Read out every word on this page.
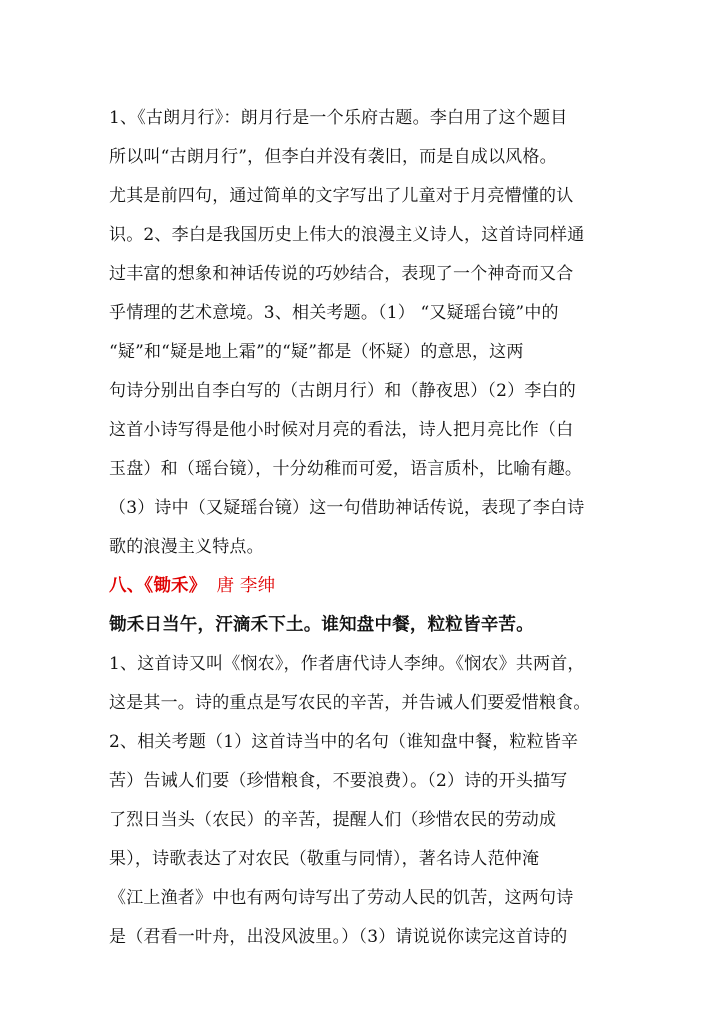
1、《古朗月行》：朗月行是一个乐府古题。李白用了这个题目
所以叫“古朗月行”，但李白并没有袭旧，而是自成以风格。
尤其是前四句，通过简单的文字写出了儿童对于月亮懵懂的认
识。2、李白是我国历史上伟大的浪漫主义诗人，这首诗同样通
过丰富的想象和神话传说的巧妙结合，表现了一个神奇而又合
乎情理的艺术意境。3、相关考题。（1） “又疑瑶台镜”中的
“疑”和“疑是地上霜”的“疑”都是（怀疑）的意思，这两
句诗分别出自李白写的（古朗月行）和（静夜思）（2）李白的
这首小诗写得是他小时候对月亮的看法，诗人把月亮比作（白
玉盘）和（瑶台镜），十分幼稚而可爱，语言质朴，比喻有趣。
（3）诗中（又疑瑶台镜）这一句借助神话传说，表现了李白诗
歌的浪漫主义特点。
八、《锄禾》 唐 李绅
锄禾日当午，汗滴禾下土。谁知盘中餐，粒粒皆辛苦。
1、这首诗又叫《悯农》，作者唐代诗人李绅。《悯农》共两首，
这是其一。诗的重点是写农民的辛苦，并告诫人们要爱惜粮食。
2、相关考题（1）这首诗当中的名句（谁知盘中餐，粒粒皆辛
苦）告诫人们要（珍惜粮食，不要浪费）。（2）诗的开头描写
了烈日当头（农民）的辛苦，提醒人们（珍惜农民的劳动成
果），诗歌表达了对农民（敬重与同情），著名诗人范仲淹
《江上渔者》中也有两句诗写出了劳动人民的饥苦，这两句诗
是（君看一叶舟，出没风波里。）（3）请说说你读完这首诗的
